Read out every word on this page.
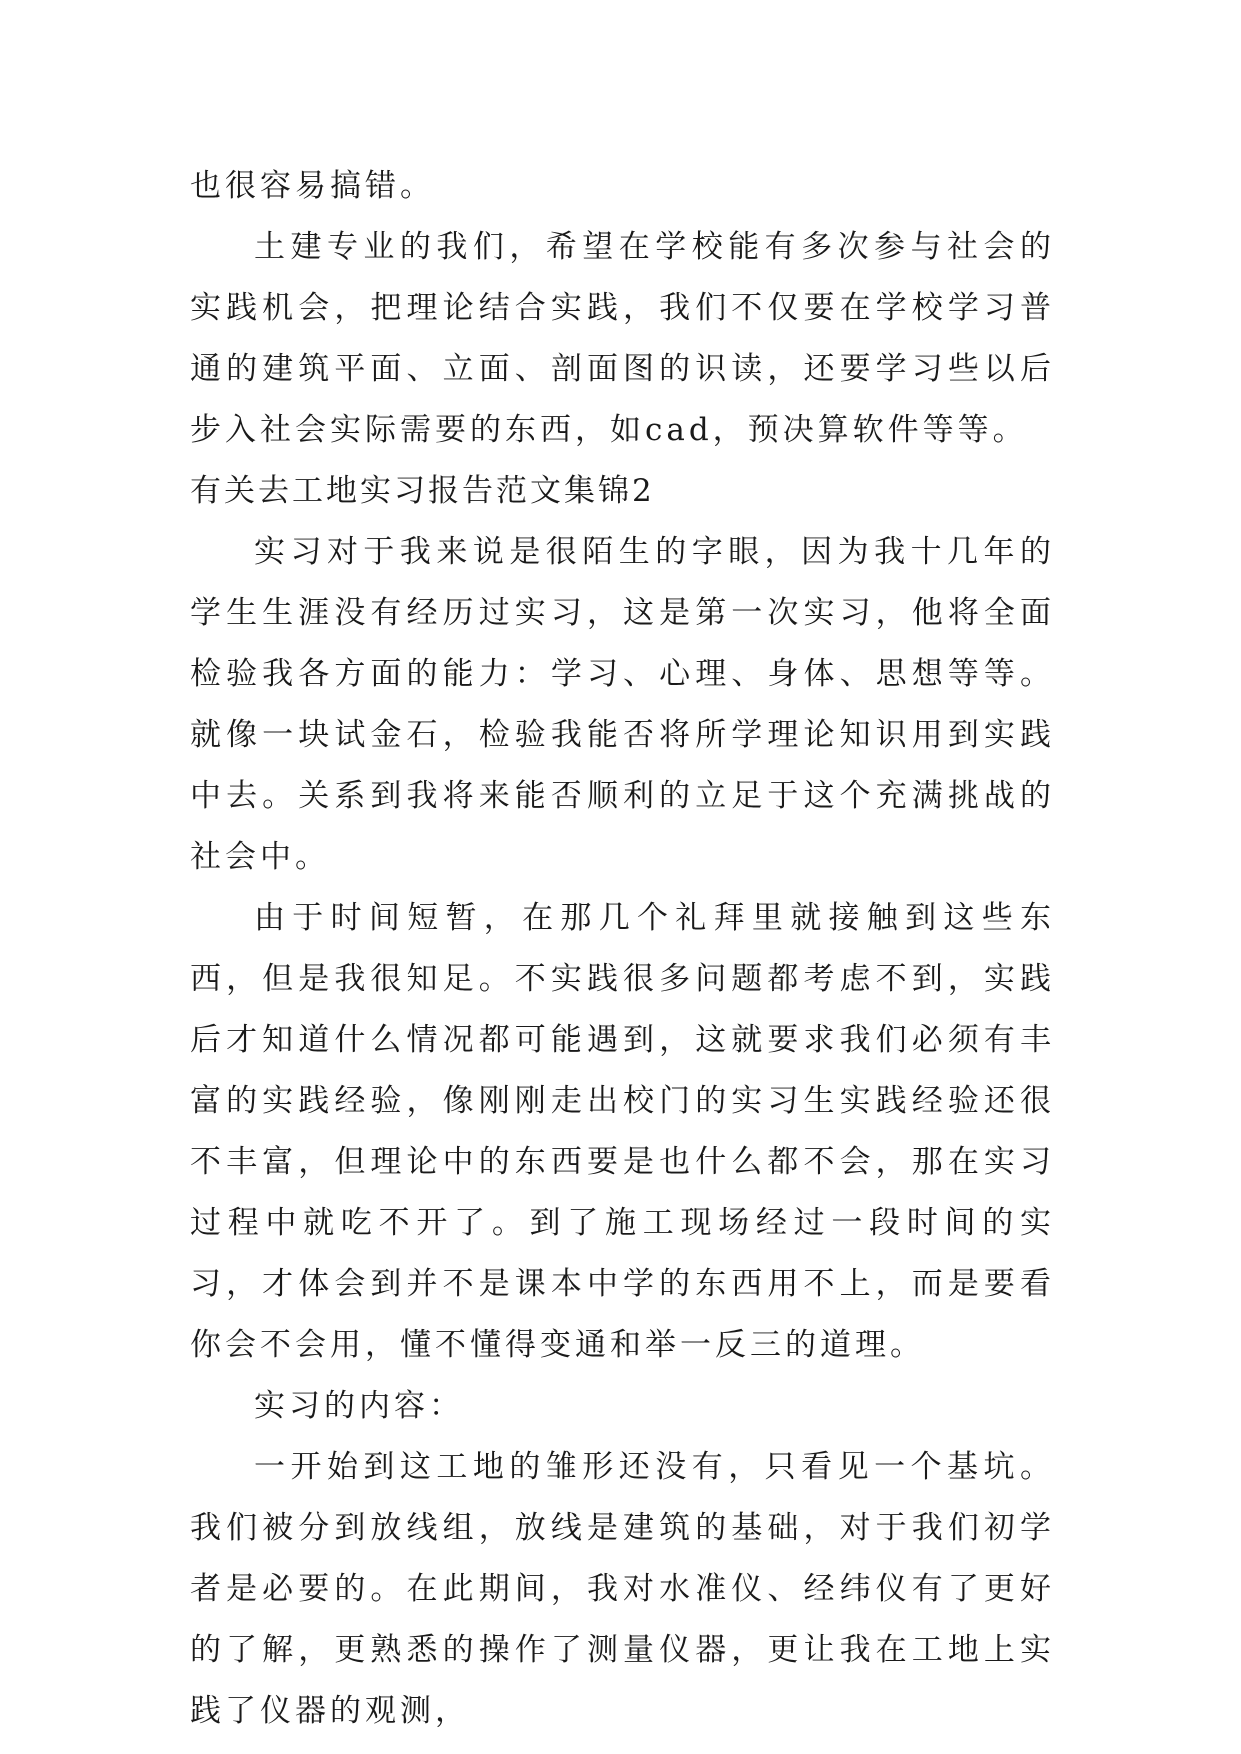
也很容易搞错。

土建专业的我们，希望在学校能有多次参与社会的实践机会，把理论结合实践，我们不仅要在学校学习普通的建筑平面、立面、剖面图的识读，还要学习些以后步入社会实际需要的东西，如cad，预决算软件等等。

有关去工地实习报告范文集锦2

实习对于我来说是很陌生的字眼，因为我十几年的学生生涯没有经历过实习，这是第一次实习，他将全面检验我各方面的能力：学习、心理、身体、思想等等。就像一块试金石，检验我能否将所学理论知识用到实践中去。关系到我将来能否顺利的立足于这个充满挑战的社会中。

由于时间短暂，在那几个礼拜里就接触到这些东西，但是我很知足。不实践很多问题都考虑不到，实践后才知道什么情况都可能遇到，这就要求我们必须有丰富的实践经验，像刚刚走出校门的实习生实践经验还很不丰富，但理论中的东西要是也什么都不会，那在实习过程中就吃不开了。到了施工现场经过一段时间的实习，才体会到并不是课本中学的东西用不上，而是要看你会不会用，懂不懂得变通和举一反三的道理。

实习的内容：

一开始到这工地的雏形还没有，只看见一个基坑。我们被分到放线组，放线是建筑的基础，对于我们初学者是必要的。在此期间，我对水准仪、经纬仪有了更好的了解，更熟悉的操作了测量仪器，更让我在工地上实践了仪器的观测，
